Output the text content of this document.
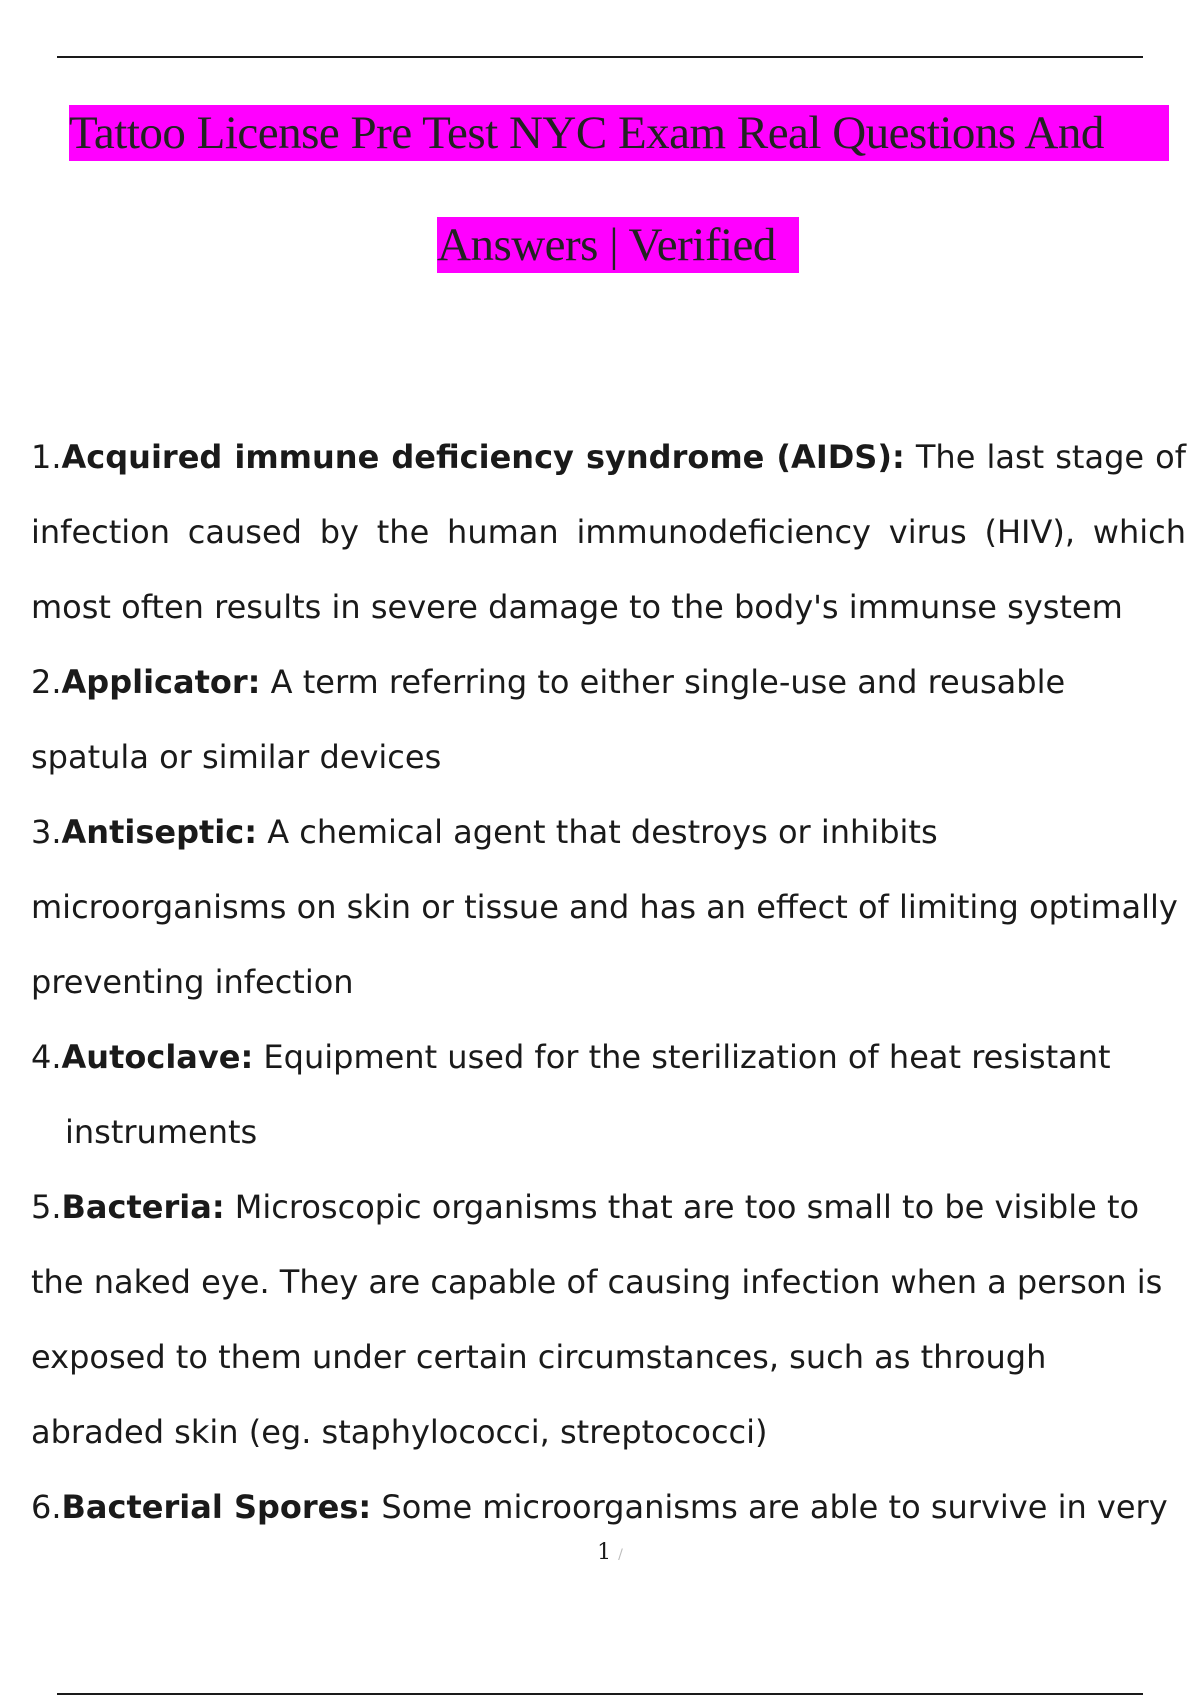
Tattoo License Pre Test NYC Exam Real Questions And
Answers | Verified

1.Acquired immune deficiency syndrome (AIDS): The last stage of infection caused by the human immunodeficiency virus (HIV), which most often results in severe damage to the body's immunse system

2.Applicator: A term referring to either single-use and reusable spatula or similar devices

3.Antiseptic: A chemical agent that destroys or inhibits microorganisms on skin or tissue and has an effect of limiting optimally preventing infection

4.Autoclave: Equipment used for the sterilization of heat resistant
instruments

5.Bacteria: Microscopic organisms that are too small to be visible to the naked eye. They are capable of causing infection when a person is exposed to them under certain circumstances, such as through abraded skin (eg. staphylococci, streptococci)

6.Bacterial Spores: Some microorganisms are able to survive in very

1 /
